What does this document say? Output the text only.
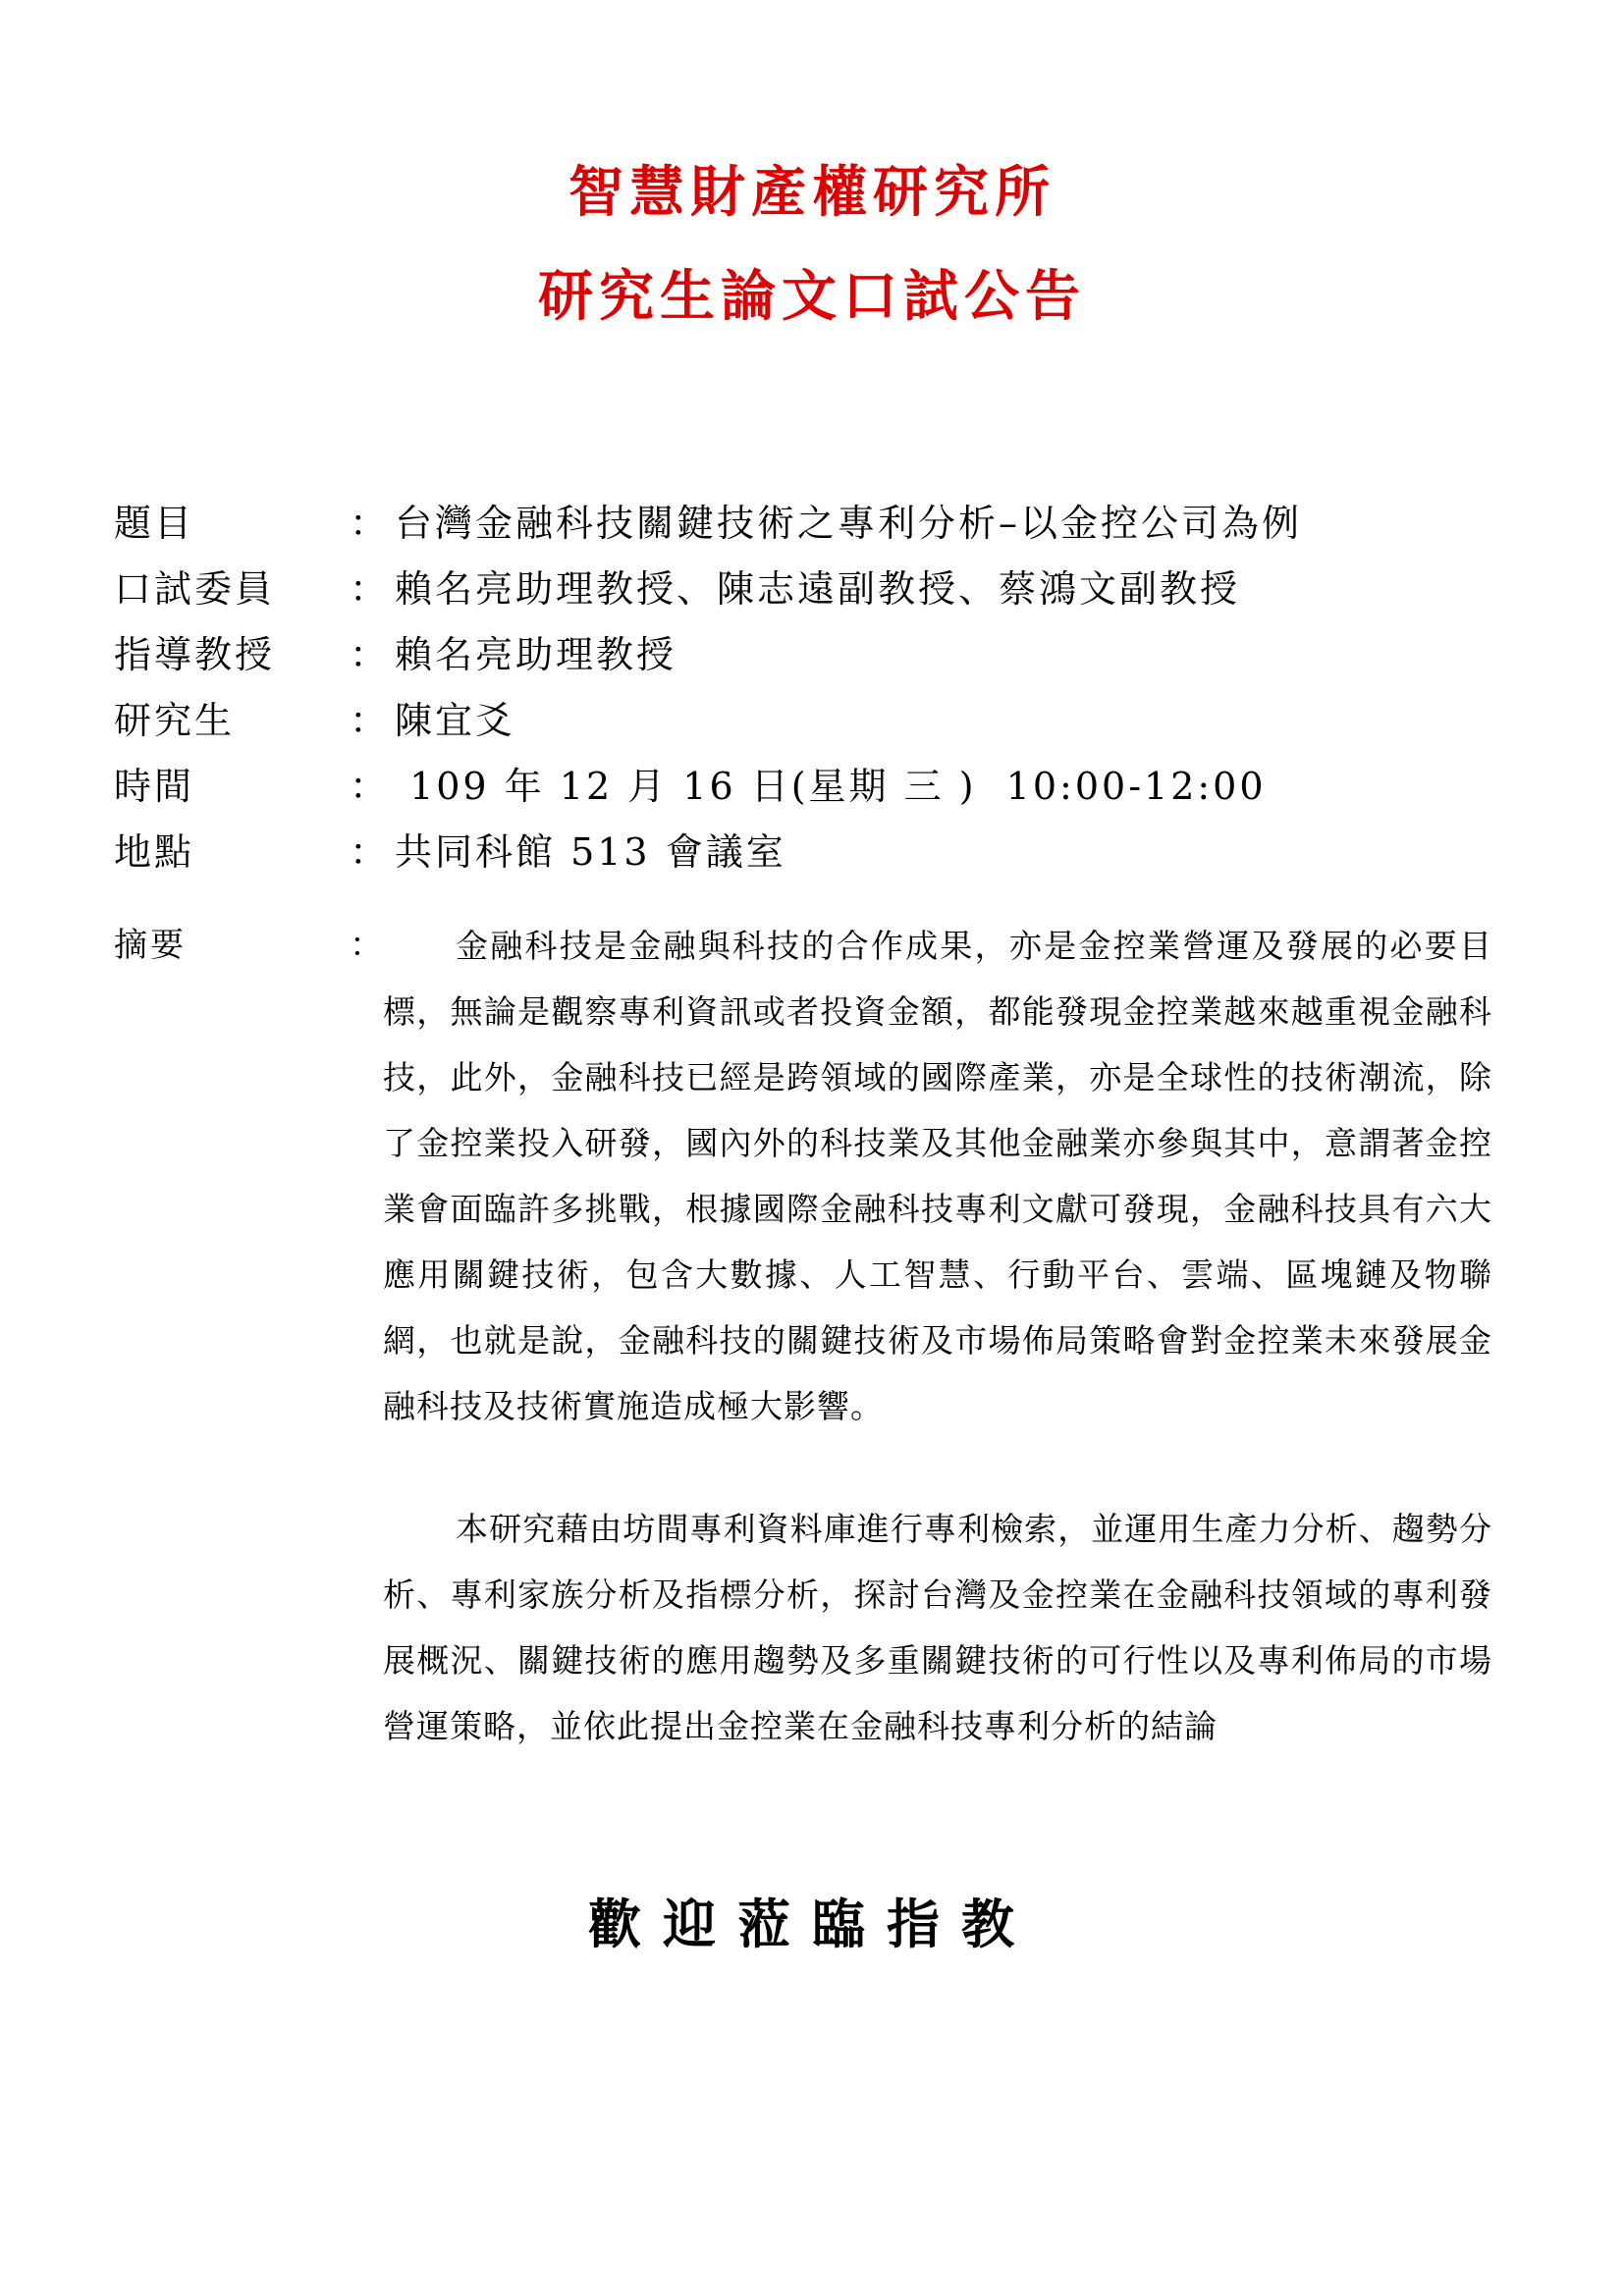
智慧財產權研究所
研究生論文口試公告
題目	： 台灣金融科技關鍵技術之專利分析–以金控公司為例
口試委員	： 賴名亮助理教授、陳志遠副教授、蔡鴻文副教授
指導教授	： 賴名亮助理教授
研究生	： 陳宜爻
時間	： 109 年 12 月 16 日(星期 三 )  10:00-12:00
地點	： 共同科館 513 會議室
摘要	：	金融科技是金融與科技的合作成果，亦是金控業營運及發展的必要目標，無論是觀察專利資訊或者投資金額，都能發現金控業越來越重視金融科技，此外，金融科技已經是跨領域的國際產業，亦是全球性的技術潮流，除了金控業投入研發，國內外的科技業及其他金融業亦參與其中，意謂著金控業會面臨許多挑戰，根據國際金融科技專利文獻可發現，金融科技具有六大應用關鍵技術，包含大數據、人工智慧、行動平台、雲端、區塊鏈及物聯網，也就是說，金融科技的關鍵技術及市場佈局策略會對金控業未來發展金融科技及技術實施造成極大影響。

本研究藉由坊間專利資料庫進行專利檢索，並運用生產力分析、趨勢分析、專利家族分析及指標分析，探討台灣及金控業在金融科技領域的專利發展概況、關鍵技術的應用趨勢及多重關鍵技術的可行性以及專利佈局的市場營運策略，並依此提出金控業在金融科技專利分析的結論

歡迎蒞臨指教
